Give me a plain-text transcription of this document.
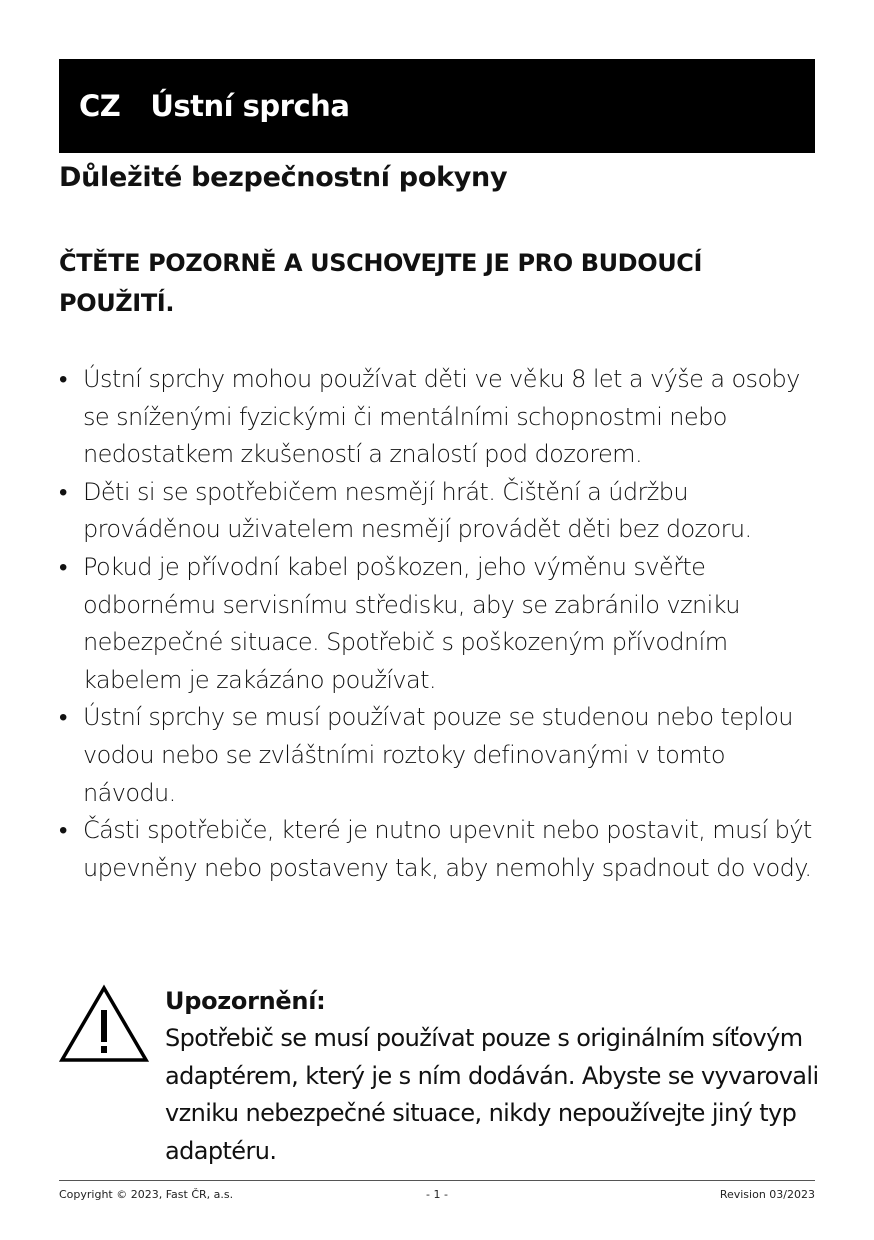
CZ Ústní sprcha
Důležité bezpečnostní pokyny
ČTĚTE POZORNĚ A USCHOVEJTE JE PRO BUDOUCÍ POUŽITÍ.
• Ústní sprchy mohou používat děti ve věku 8 let a výše a osoby se sníženými fyzickými či mentálními schopnostmi nebo nedostatkem zkušeností a znalostí pod dozorem.
• Děti si se spotřebičem nesmějí hrát. Čištění a údržbu prováděnou uživatelem nesmějí provádět děti bez dozoru.
• Pokud je přívodní kabel poškozen, jeho výměnu svěřte odbornému servisnímu středisku, aby se zabránilo vzniku nebezpečné situace. Spotřebič s poškozeným přívodním kabelem je zakázáno používat.
• Ústní sprchy se musí používat pouze se studenou nebo teplou vodou nebo se zvláštními roztoky definovanými v tomto návodu.
• Části spotřebiče, které je nutno upevnit nebo postavit, musí být upevněny nebo postaveny tak, aby nemohly spadnout do vody.
Upozornění:
Spotřebič se musí používat pouze s originálním síťovým adaptérem, který je s ním dodáván. Abyste se vyvarovali vzniku nebezpečné situace, nikdy nepoužívejte jiný typ adaptéru.
Copyright © 2023, Fast ČR, a.s.	- 1 -	Revision 03/2023
